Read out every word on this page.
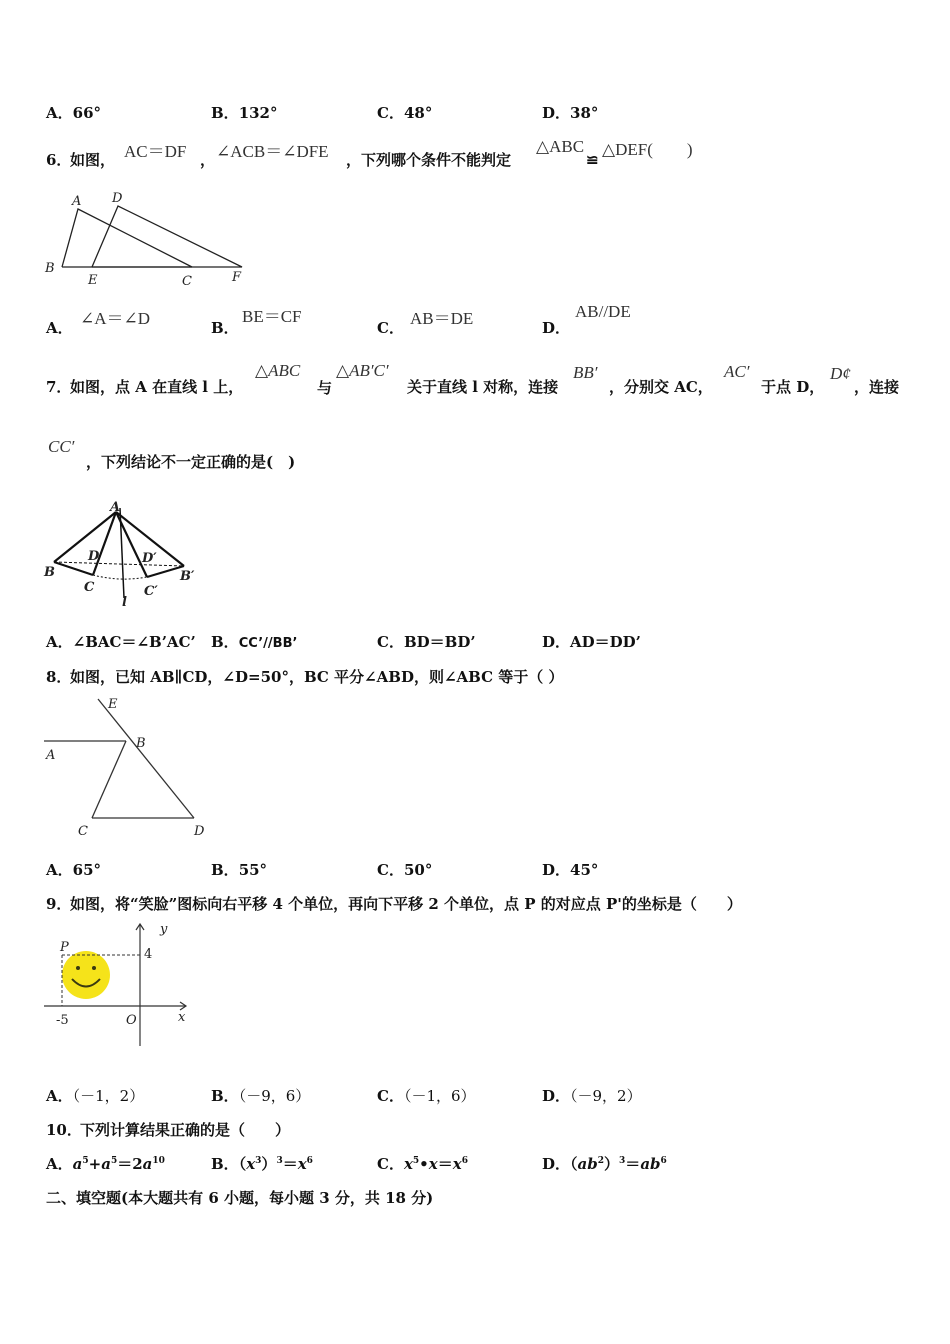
A．66°	B．132°	C．48°	D．38°
6．
如图， AC＝DF ， ∠ACB＝∠DFE ，下列哪个条件不能判定
△ABC
≌
△DEF(　　)
A D
B
E	C	F
A． ∠A＝∠D	B．
BE＝CF
C． AB＝DE	D．
AB//DE
7．
如图，点 A 在直线 l 上，
△ABC
与
△AB′C′
关于直线 l 对称，连接
BB′
，分别交 AC，
AC′
于点 D，
D¢
，连接
CC′
，下列结论不一定正确的是(　)
A
B	B′
D	D′
C	C′
l
A．∠BAC＝∠B’AC’ B．CC’//BB’	C．BD＝BD’	D．AD＝DD’
8．
如图，已知 AB∥CD，∠D=50°，BC 平分∠ABD，则∠ABC 等于（ ）
E
A
B
C	D
A．65°	B．55°	C．50°	D．45°
9．
如图，将“笑脸”图标向右平移 4 个单位，再向下平移 2 个单位，点 P 的对应点 P'的坐标是（　　）
y
P	4
-5	O	x
A．（－1，2）	B．（－9，6）	C．（－1，6）	D．（－9，2）
10．
下列计算结果正确的是（　　）
A．$a^5+a^5=2a^{10}$	B．$(x^3)^3=x^6$	C．$x^5•x=x^6$	D．$(ab^2)^3=ab^6$
二、填空题(本大题共有 6 小题，每小题 3 分，共 18 分)
